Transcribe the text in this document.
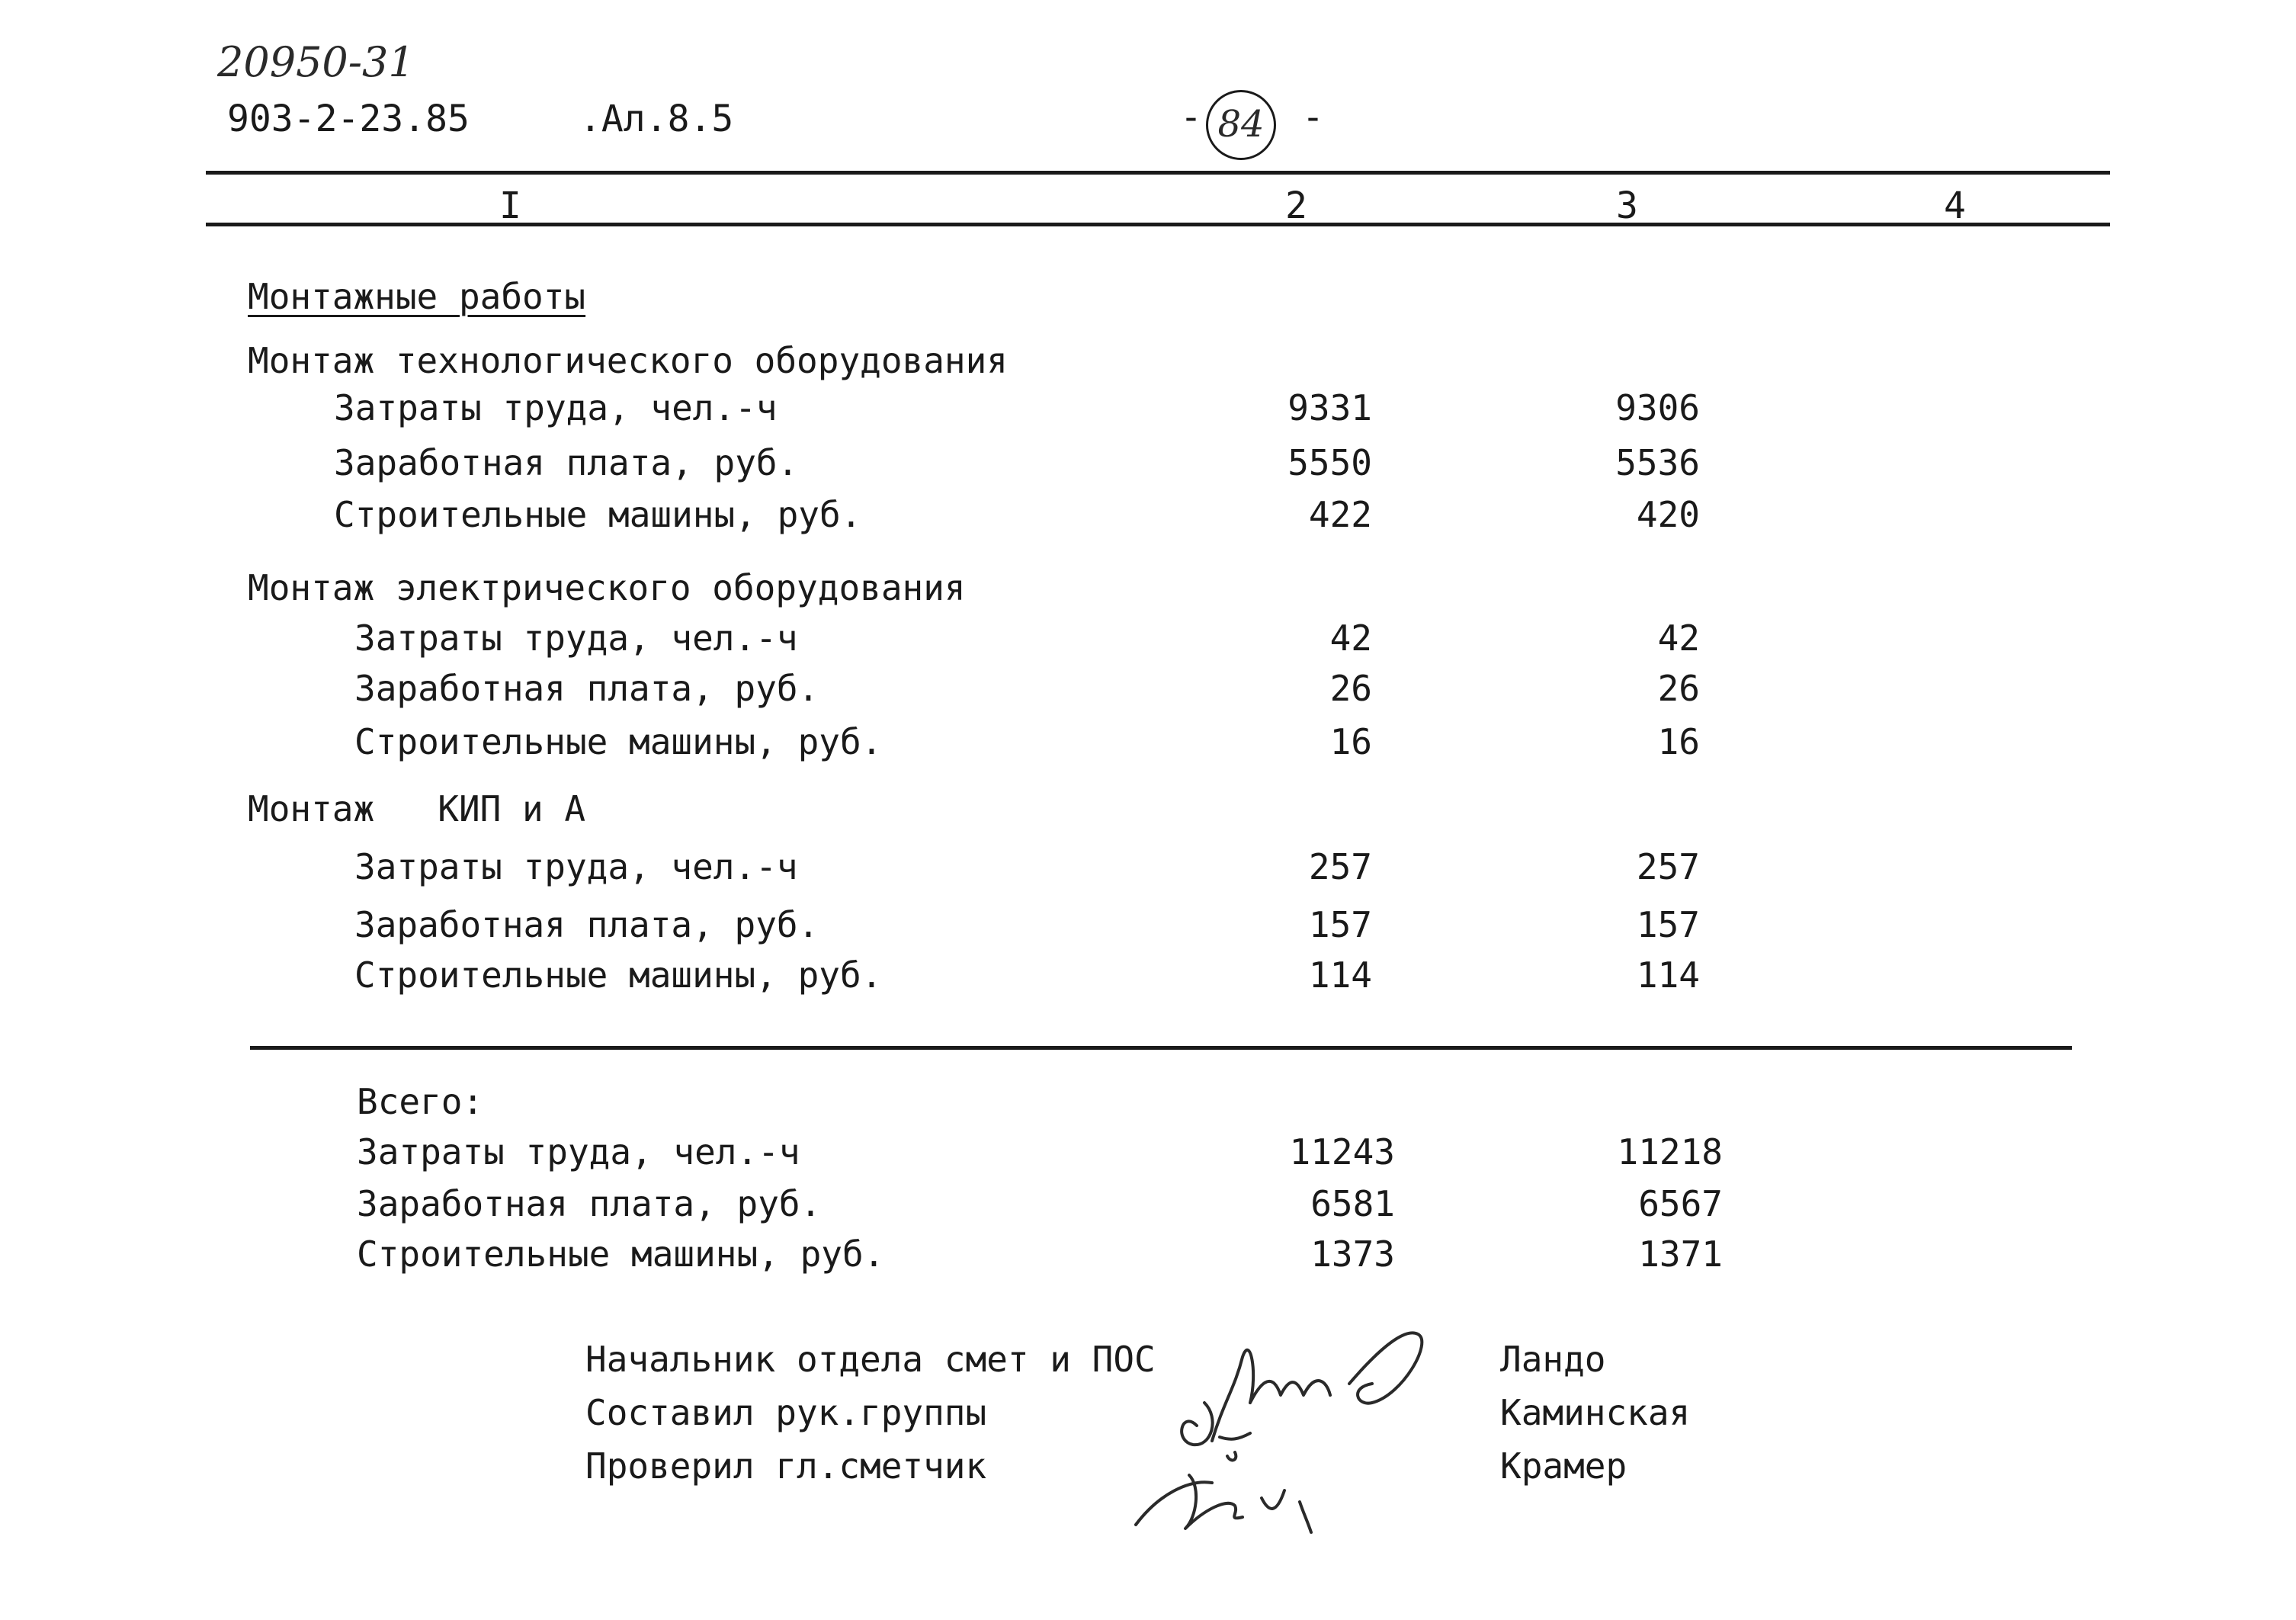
20950-31
903-2-23.85	.Ал.8.5	- 84 -
I	2	3	4
Монтажные работы
Монтаж технологического оборудования
Затраты труда, чел.-ч	9331	9306
Заработная плата, руб.	5550	5536
Строительные машины, руб.	422	420
Монтаж электрического оборудования
Затраты труда, чел.-ч	42	42
Заработная плата, руб.	26	26
Строительные машины, руб.	16	16
Монтаж   КИП и А
Затраты труда, чел.-ч	257	257
Заработная плата, руб.	157	157
Строительные машины, руб.	114	114
Всего:
Затраты труда, чел.-ч	11243	11218
Заработная плата, руб.	6581	6567
Строительные машины, руб.	1373	1371
Начальник отдела смет и ПОС	Ландо
Составил рук.группы	Каминская
Проверил гл.сметчик	Крамер
